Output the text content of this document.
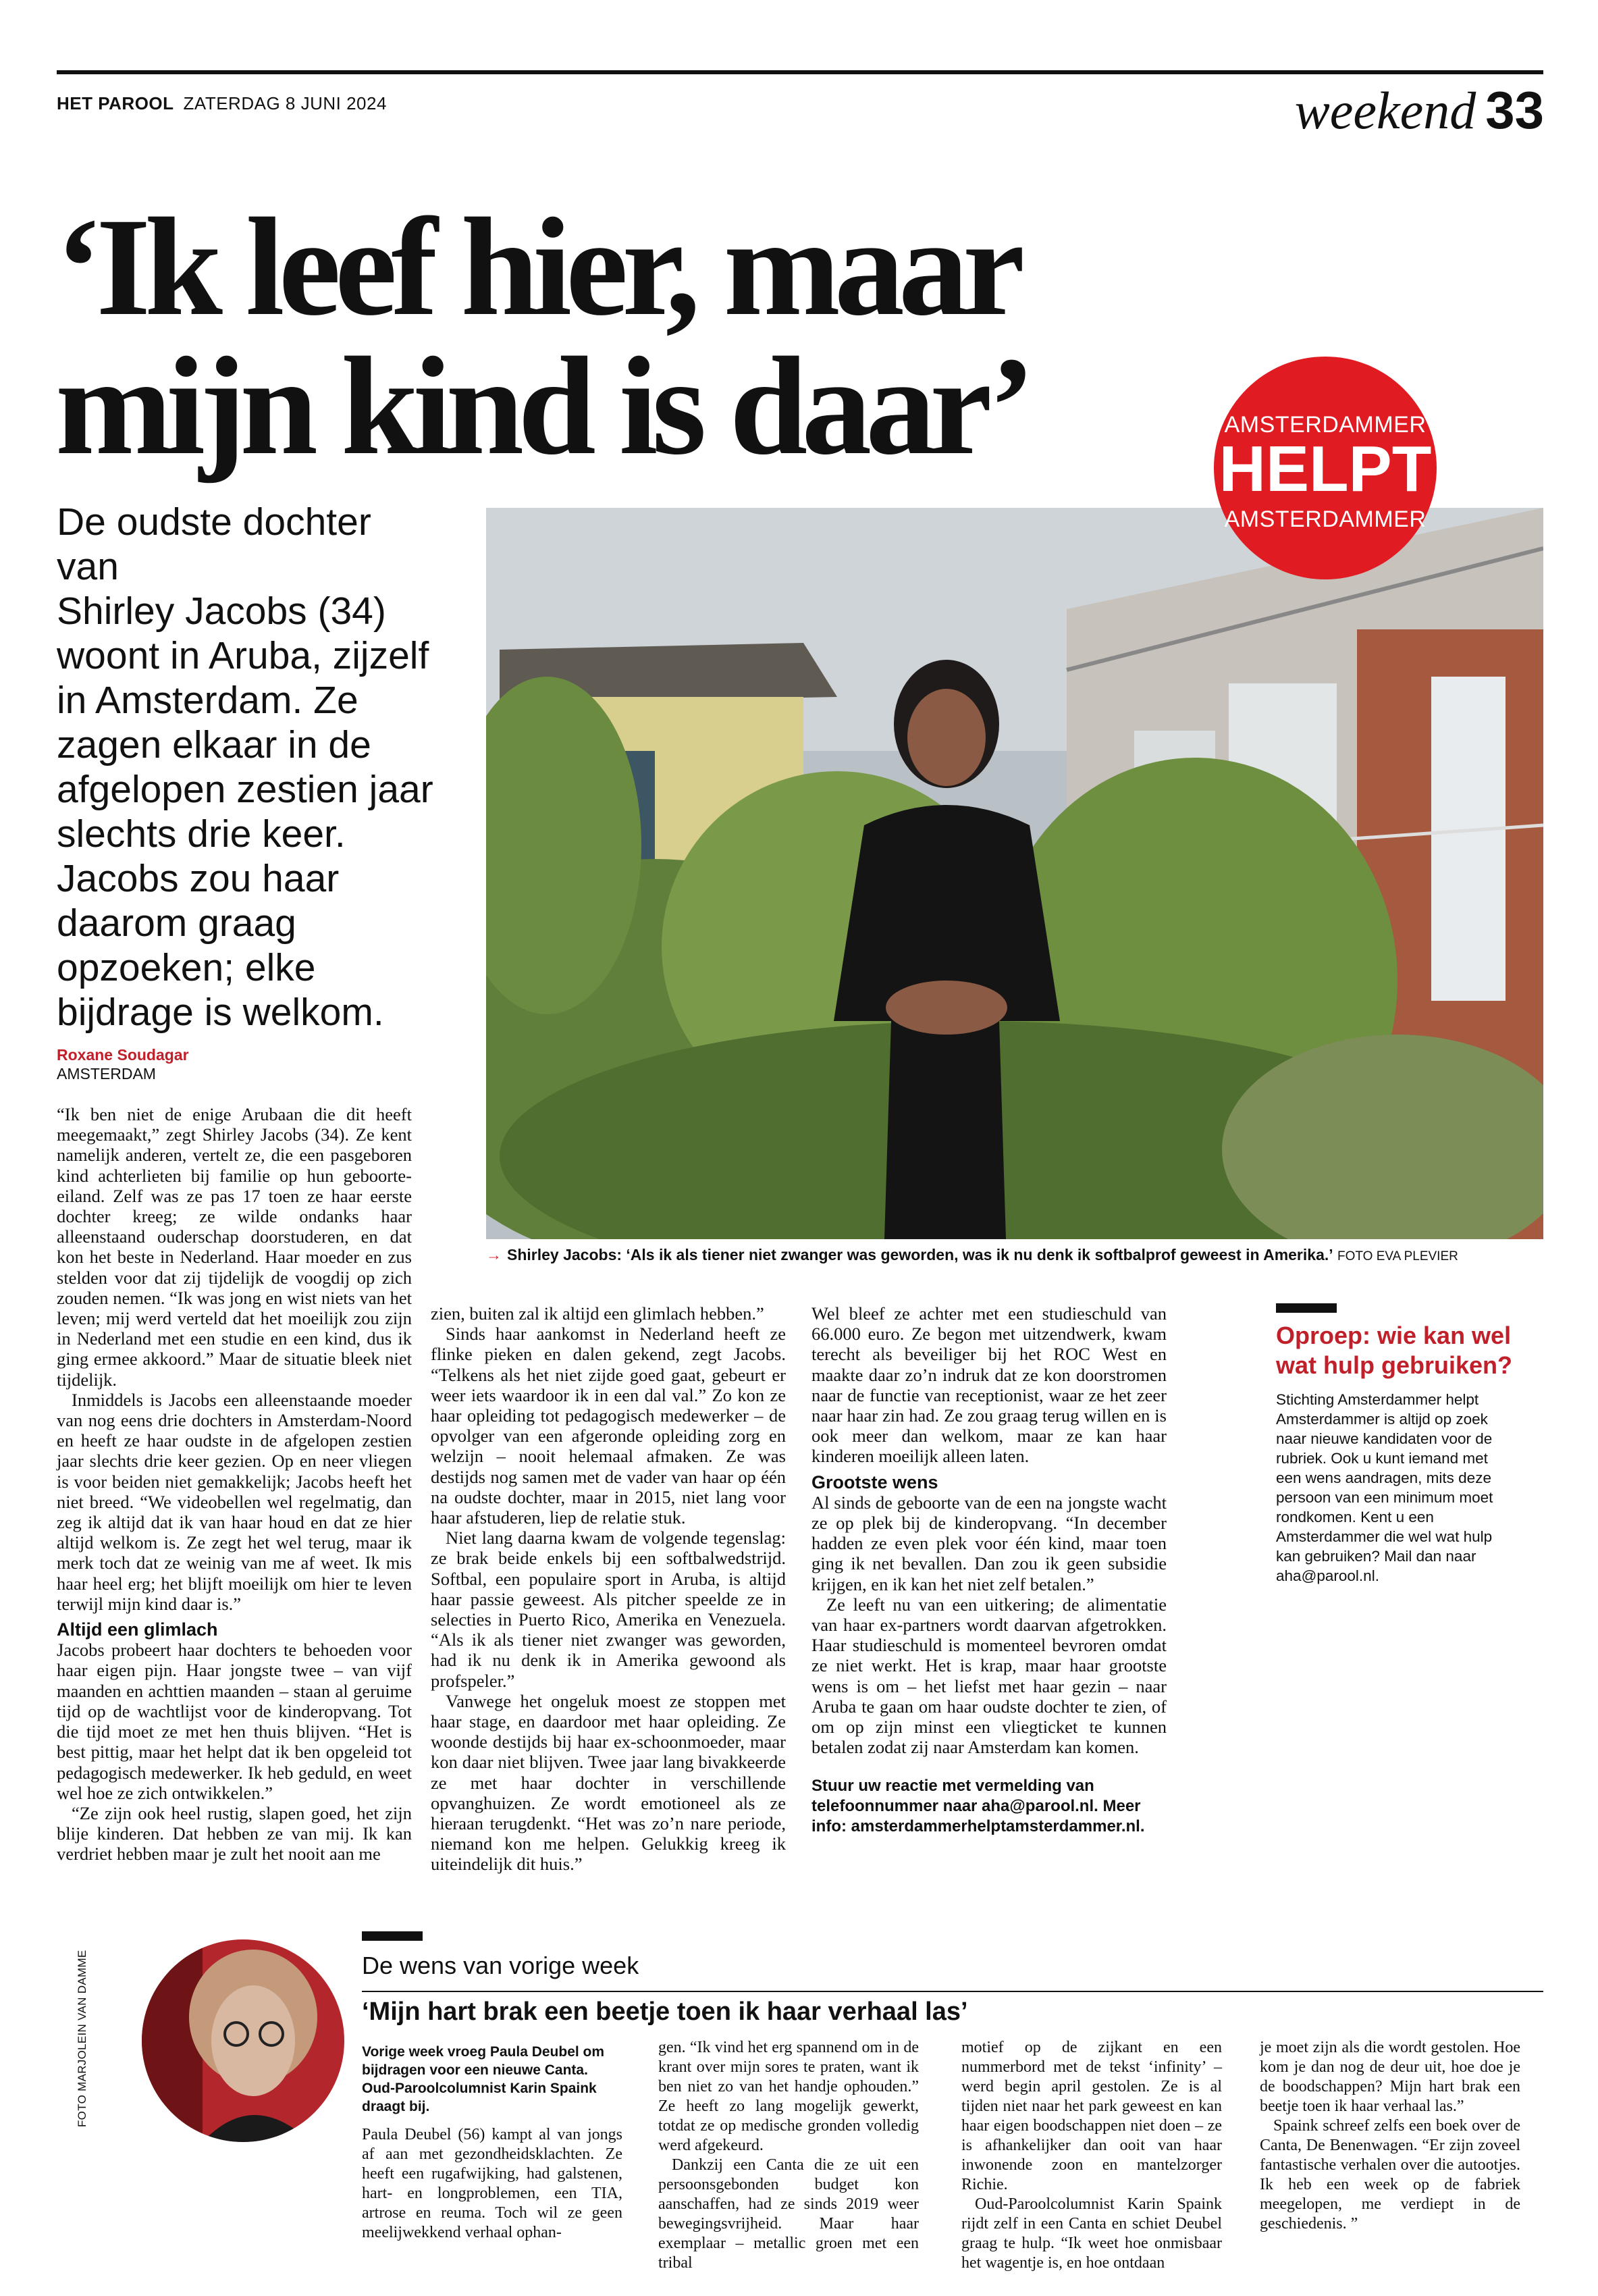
HET PAROOL ZATERDAG 8 JUNI 2024	weekend 33
‘Ik leef hier, maar
mijn kind is daar’
De oudste dochter van
Shirley Jacobs (34)
woont in Aruba, zijzelf
in Amsterdam. Ze
zagen elkaar in de
afgelopen zestien jaar
slechts drie keer.
Jacobs zou haar
daarom graag
opzoeken; elke
bijdrage is welkom.
AMSTERDAMMER
HELPT
AMSTERDAMMER
→ Shirley Jacobs: ‘Als ik als tiener niet zwanger was geworden, was ik nu denk ik softbalprof geweest in Amerika.’ FOTO EVA PLEVIER
Roxane Soudagar
AMSTERDAM

“Ik ben niet de enige Arubaan die dit heeft meegemaakt,” zegt Shirley Jacobs (34). Ze kent namelijk anderen, vertelt ze, die een pasgeboren kind achterlieten bij familie op hun geboorte-eiland. Zelf was ze pas 17 toen ze haar eerste dochter kreeg; ze wilde ondanks haar alleenstaand ouderschap doorstuderen, en dat kon het beste in Nederland. Haar moeder en zus stelden voor dat zij tijdelijk de voogdij op zich zouden nemen. “Ik was jong en wist niets van het leven; mij werd verteld dat het moeilijk zou zijn in Nederland met een studie en een kind, dus ik ging ermee akkoord.” Maar de situatie bleek niet tijdelijk.

Inmiddels is Jacobs een alleenstaande moeder van nog eens drie dochters in Amsterdam-Noord en heeft ze haar oudste in de afgelopen zestien jaar slechts drie keer gezien. Op en neer vliegen is voor beiden niet gemakkelijk; Jacobs heeft het niet breed. “We videobellen wel regelmatig, dan zeg ik altijd dat ik van haar houd en dat ze hier altijd welkom is. Ze zegt het wel terug, maar ik merk toch dat ze weinig van me af weet. Ik mis haar heel erg; het blijft moeilijk om hier te leven terwijl mijn kind daar is.”

Altijd een glimlach

Jacobs probeert haar dochters te behoeden voor haar eigen pijn. Haar jongste twee – van vijf maanden en achttien maanden – staan al geruime tijd op de wachtlijst voor de kinderopvang. Tot die tijd moet ze met hen thuis blijven. “Het is best pittig, maar het helpt dat ik ben opgeleid tot pedagogisch medewerker. Ik heb geduld, en weet wel hoe ze zich ontwikkelen.”

“Ze zijn ook heel rustig, slapen goed, het zijn blije kinderen. Dat hebben ze van mij. Ik kan verdriet hebben maar je zult het nooit aan me

zien, buiten zal ik altijd een glimlach hebben.”

Sinds haar aankomst in Nederland heeft ze flinke pieken en dalen gekend, zegt Jacobs. “Telkens als het niet zijde goed gaat, gebeurt er weer iets waardoor ik in een dal val.” Zo kon ze haar opleiding tot pedagogisch medewerker – de opvolger van een afgeronde opleiding zorg en welzijn – nooit helemaal afmaken. Ze was destijds nog samen met de vader van haar op één na oudste dochter, maar in 2015, niet lang voor haar afstuderen, liep de relatie stuk.

Niet lang daarna kwam de volgende tegenslag: ze brak beide enkels bij een softbalwedstrijd. Softbal, een populaire sport in Aruba, is altijd haar passie geweest. Als pitcher speelde ze in selecties in Puerto Rico, Amerika en Venezuela. “Als ik als tiener niet zwanger was geworden, had ik nu denk ik in Amerika gewoond als profspeler.”

Vanwege het ongeluk moest ze stoppen met haar stage, en daardoor met haar opleiding. Ze woonde destijds bij haar ex-schoonmoeder, maar kon daar niet blijven. Twee jaar lang bivakkeerde ze met haar dochter in verschillende opvanghuizen. Ze wordt emotioneel als ze hieraan terugdenkt. “Het was zo’n nare periode, niemand kon me helpen. Gelukkig kreeg ik uiteindelijk dit huis.”

Wel bleef ze achter met een studieschuld van 66.000 euro. Ze begon met uitzendwerk, kwam terecht als beveiliger bij het ROC West en maakte daar zo’n indruk dat ze kon doorstromen naar de functie van receptionist, waar ze het zeer naar haar zin had. Ze zou graag terug willen en is ook meer dan welkom, maar ze kan haar kinderen moeilijk alleen laten.

Grootste wens

Al sinds de geboorte van de een na jongste wacht ze op plek bij de kinderopvang. “In december hadden ze even plek voor één kind, maar toen ging ik net bevallen. Dan zou ik geen subsidie krijgen, en ik kan het niet zelf betalen.”

Ze leeft nu van een uitkering; de alimentatie van haar ex-partners wordt daarvan afgetrokken. Haar studieschuld is momenteel bevroren omdat ze niet werkt. Het is krap, maar haar grootste wens is om – het liefst met haar gezin – naar Aruba te gaan om haar oudste dochter te zien, of om op zijn minst een vliegticket te kunnen betalen zodat zij naar Amsterdam kan komen.

Stuur uw reactie met vermelding van telefoonnummer naar aha@parool.nl. Meer info: amsterdammerhelptamsterdammer.nl.

Oproep: wie kan wel wat hulp gebruiken?
Stichting Amsterdammer helpt Amsterdammer is altijd op zoek naar nieuwe kandidaten voor de rubriek. Ook u kunt iemand met een wens aandragen, mits deze persoon van een minimum moet rondkomen. Kent u een Amsterdammer die wel wat hulp kan gebruiken? Mail dan naar aha@parool.nl.
FOTO MARJOLEIN VAN DAMME	De wens van vorige week
‘Mijn hart brak een beetje toen ik haar verhaal las’

Vorige week vroeg Paula Deubel om bijdragen voor een nieuwe Canta. Oud-Paroolcolumnist Karin Spaink draagt bij.

Paula Deubel (56) kampt al van jongs af aan met gezondheidsklachten. Ze heeft een rugafwijking, had galstenen, hart- en longproblemen, een TIA, artrose en reuma. Toch wil ze geen meelijwekkend verhaal ophan-

gen. “Ik vind het erg spannend om in de krant over mijn sores te praten, want ik ben niet zo van het handje ophouden.” Ze heeft zo lang mogelijk gewerkt, totdat ze op medische gronden volledig werd afgekeurd.

Dankzij een Canta die ze uit een persoonsgebonden budget kon aanschaffen, had ze sinds 2019 weer bewegingsvrijheid. Maar haar exemplaar – metallic groen met een tribal

motief op de zijkant en een nummerbord met de tekst ‘infinity’ – werd begin april gestolen. Ze is al tijden niet naar het park geweest en kan haar eigen boodschappen niet doen – ze is afhankelijker dan ooit van haar inwonende zoon en mantelzorger Richie.

Oud-Paroolcolumnist Karin Spaink rijdt zelf in een Canta en schiet Deubel graag te hulp. “Ik weet hoe onmisbaar het wagentje is, en hoe ontdaan

je moet zijn als die wordt gestolen. Hoe kom je dan nog de deur uit, hoe doe je de boodschappen? Mijn hart brak een beetje toen ik haar verhaal las.”

Spaink schreef zelfs een boek over de Canta, De Benenwagen. “Er zijn zoveel fantastische verhalen over die autootjes. Ik heb een week op de fabriek meegelopen, me verdiept in de geschiedenis. ”
